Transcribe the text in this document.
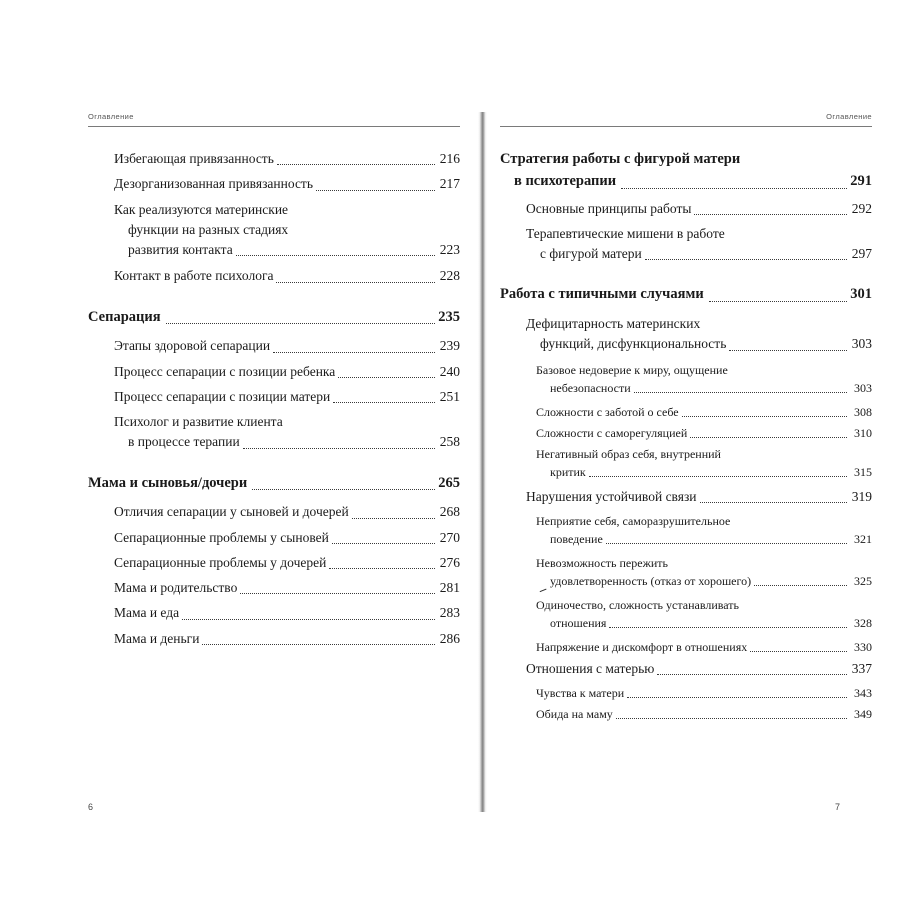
Оглавление
Избегающая привязанность	216
Дезорганизованная привязанность	217
Как реализуются материнские
функции на разных стадиях
развития контакта	223
Контакт в работе психолога	228
Сепарация	235
Этапы здоровой сепарации	239
Процесс сепарации с позиции ребенка	240
Процесс сепарации с позиции матери	251
Психолог и развитие клиента
в процессе терапии	258
Мама и сыновья/дочери	265
Отличия сепарации у сыновей и дочерей	268
Сепарационные проблемы у сыновей	270
Сепарационные проблемы у дочерей	276
Мама и родительство	281
Мама и еда	283
Мама и деньги	286
6
Оглавление
Стратегия работы с фигурой матери
в психотерапии	291
Основные принципы работы	292
Терапевтические мишени в работе
с фигурой матери	297
Работа с типичными случаями	301
Дефицитарность материнских
функций, дисфункциональность	303
Базовое недоверие к миру, ощущение
небезопасности	303
Сложности с заботой о себе	308
Сложности с саморегуляцией	310
Негативный образ себя, внутренний
критик	315
Нарушения устойчивой связи	319
Неприятие себя, саморазрушительное
поведение	321
Невозможность пережить
удовлетворенность (отказ от хорошего)	325
Одиночество, сложность устанавливать
отношения	328
Напряжение и дискомфорт в отношениях	330
Отношения с матерью	337
Чувства к матери	343
Обида на маму	349
7
